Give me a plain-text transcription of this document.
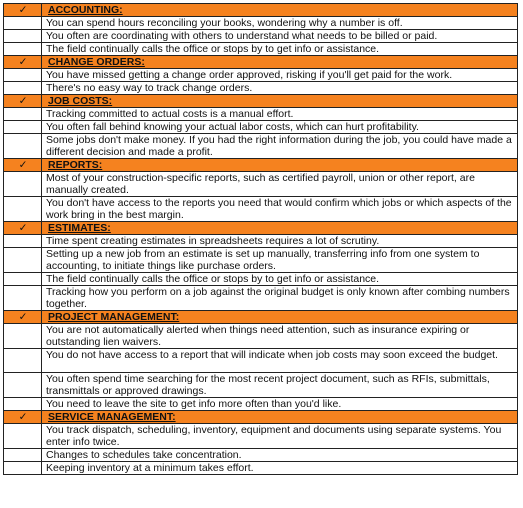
✓	ACCOUNTING:
	You can spend hours reconciling your books, wondering why a number is off.
	You often are coordinating with others to understand what needs to be billed or paid.
	The field continually calls the office or stops by to get info or assistance.
✓	CHANGE ORDERS:
	You have missed getting a change order approved, risking if you'll get paid for the work.
	There's no easy way to track change orders.
✓	JOB COSTS:
	Tracking committed to actual costs is a manual effort.
	You often fall behind knowing your actual labor costs, which can hurt profitability.
	Some jobs don't make money. If you had the right information during the job, you could have made a different decision and made a profit.
✓	REPORTS:
	Most of your construction-specific reports, such as certified payroll, union or other report, are manually created.
	You don't have access to the reports you need that would confirm which jobs or which aspects of the work bring in the best margin.
✓	ESTIMATES:
	Time spent creating estimates in spreadsheets requires a lot of scrutiny.
	Setting up a new job from an estimate is set up manually, transferring info from one system to accounting, to initiate things like purchase orders.
	The field continually calls the office or stops by to get info or assistance.
	Tracking how you perform on a job against the original budget is only known after combing numbers together.
✓	PROJECT MANAGEMENT:
	You are not automatically alerted when things need attention, such as insurance expiring or outstanding lien waivers.
	You do not have access to a report that will indicate when job costs may soon exceed the budget.
	You often spend time searching for the most recent project document, such as RFIs, submittals, transmittals or approved drawings.
	You need to leave the site to get info more often than you'd like.
✓	SERVICE MANAGEMENT:
	You track dispatch, scheduling, inventory, equipment and documents using separate systems. You enter info twice.
	Changes to schedules take concentration.
	Keeping inventory at a minimum takes effort.
